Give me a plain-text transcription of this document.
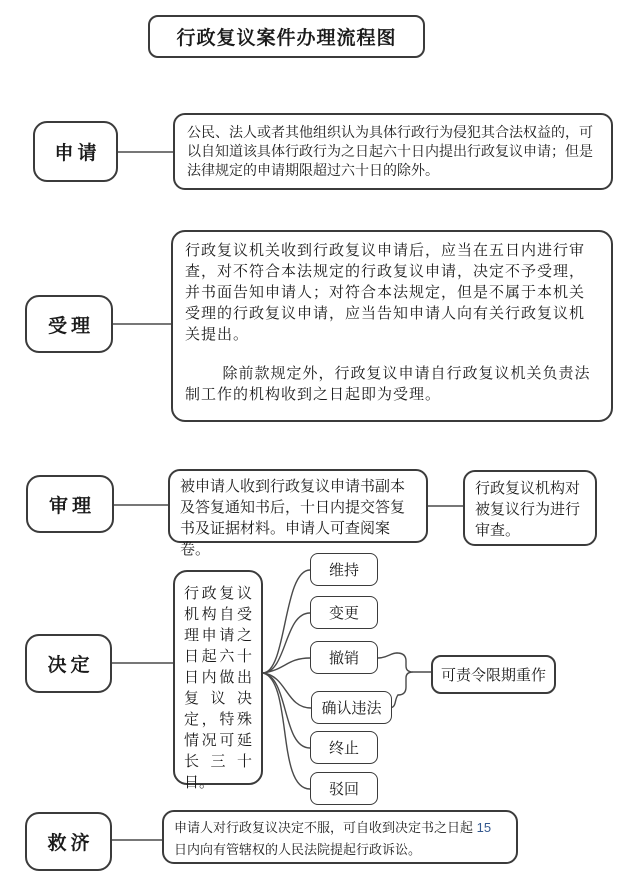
行政复议案件办理流程图
申请
受理
审理
决定
救济
公民、法人或者其他组织认为具体行政行为侵犯其合法权益的，可以自知道该具体行政行为之日起六十日内提出行政复议申请；但是法律规定的申请期限超过六十日的除外。
行政复议机关收到行政复议申请后，应当在五日内进行审查，对不符合本法规定的行政复议申请，决定不予受理，并书面告知申请人；对符合本法规定，但是不属于本机关受理的行政复议申请，应当告知申请人向有关行政复议机关提出。
除前款规定外，行政复议申请自行政复议机关负责法制工作的机构收到之日起即为受理。
被申请人收到行政复议申请书副本及答复通知书后，十日内提交答复书及证据材料。申请人可查阅案卷。
行政复议机构对被复议行为进行审查。
行政复议机构自受理申请之日起六十日内做出复议决定，特殊情况可延长三十日。
维持
变更
撤销
确认违法
终止
驳回
可责令限期重作
申请人对行政复议决定不服，可自收到决定书之日起 15 日内向有管辖权的人民法院提起行政诉讼。
